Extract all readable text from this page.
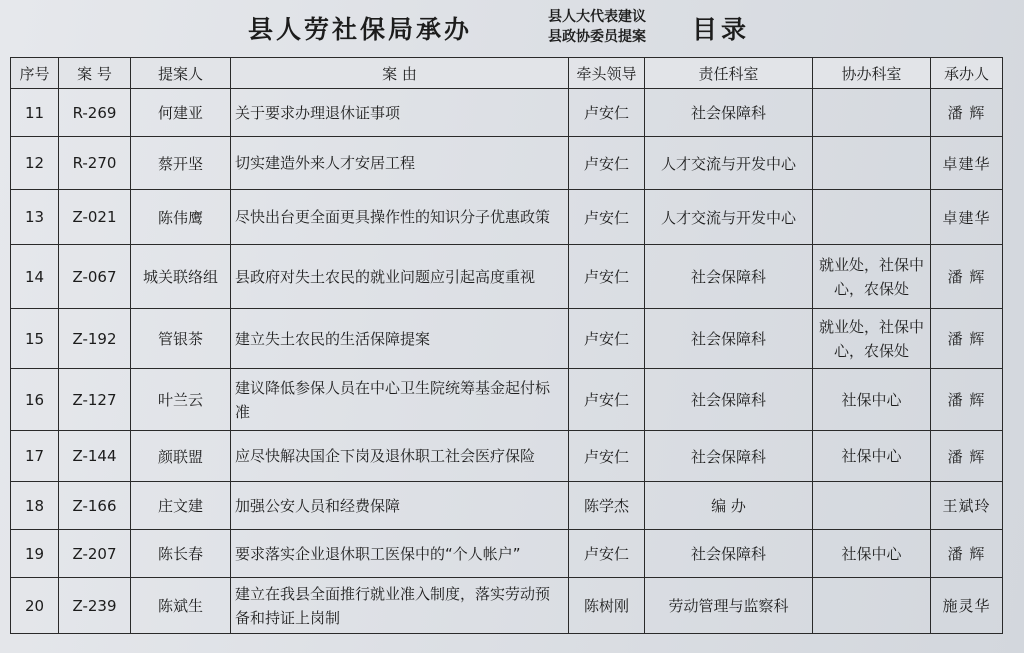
县人劳社保局承办	县人大代表建议
县政协委员提案 目录
序号	案 号	提案人	案 由	牵头领导	责任科室	协办科室	承办人
11	R-269	何建亚	关于要求办理退休证事项	卢安仁	社会保障科		潘 辉
12	R-270	蔡开坚	切实建造外来人才安居工程	卢安仁	人才交流与开发中心		卓建华
13	Z-021	陈伟鹰	尽快出台更全面更具操作性的知识分子优惠政策	卢安仁	人才交流与开发中心		卓建华
14	Z-067	城关联络组	县政府对失土农民的就业问题应引起高度重视	卢安仁	社会保障科	就业处，社保中心，农保处	潘 辉
15	Z-192	管银茶	建立失土农民的生活保障提案	卢安仁	社会保障科	就业处，社保中心，农保处	潘 辉
16	Z-127	叶兰云	建议降低参保人员在中心卫生院统筹基金起付标准	卢安仁	社会保障科	社保中心	潘 辉
17	Z-144	颜联盟	应尽快解决国企下岗及退休职工社会医疗保险	卢安仁	社会保障科	社保中心	潘 辉
18	Z-166	庄文建	加强公安人员和经费保障	陈学杰	编 办		王斌玲
19	Z-207	陈长春	要求落实企业退休职工医保中的“个人帐户”	卢安仁	社会保障科	社保中心	潘 辉
20	Z-239	陈斌生	建立在我县全面推行就业准入制度，落实劳动预备和持证上岗制	陈树刚	劳动管理与监察科		施灵华
